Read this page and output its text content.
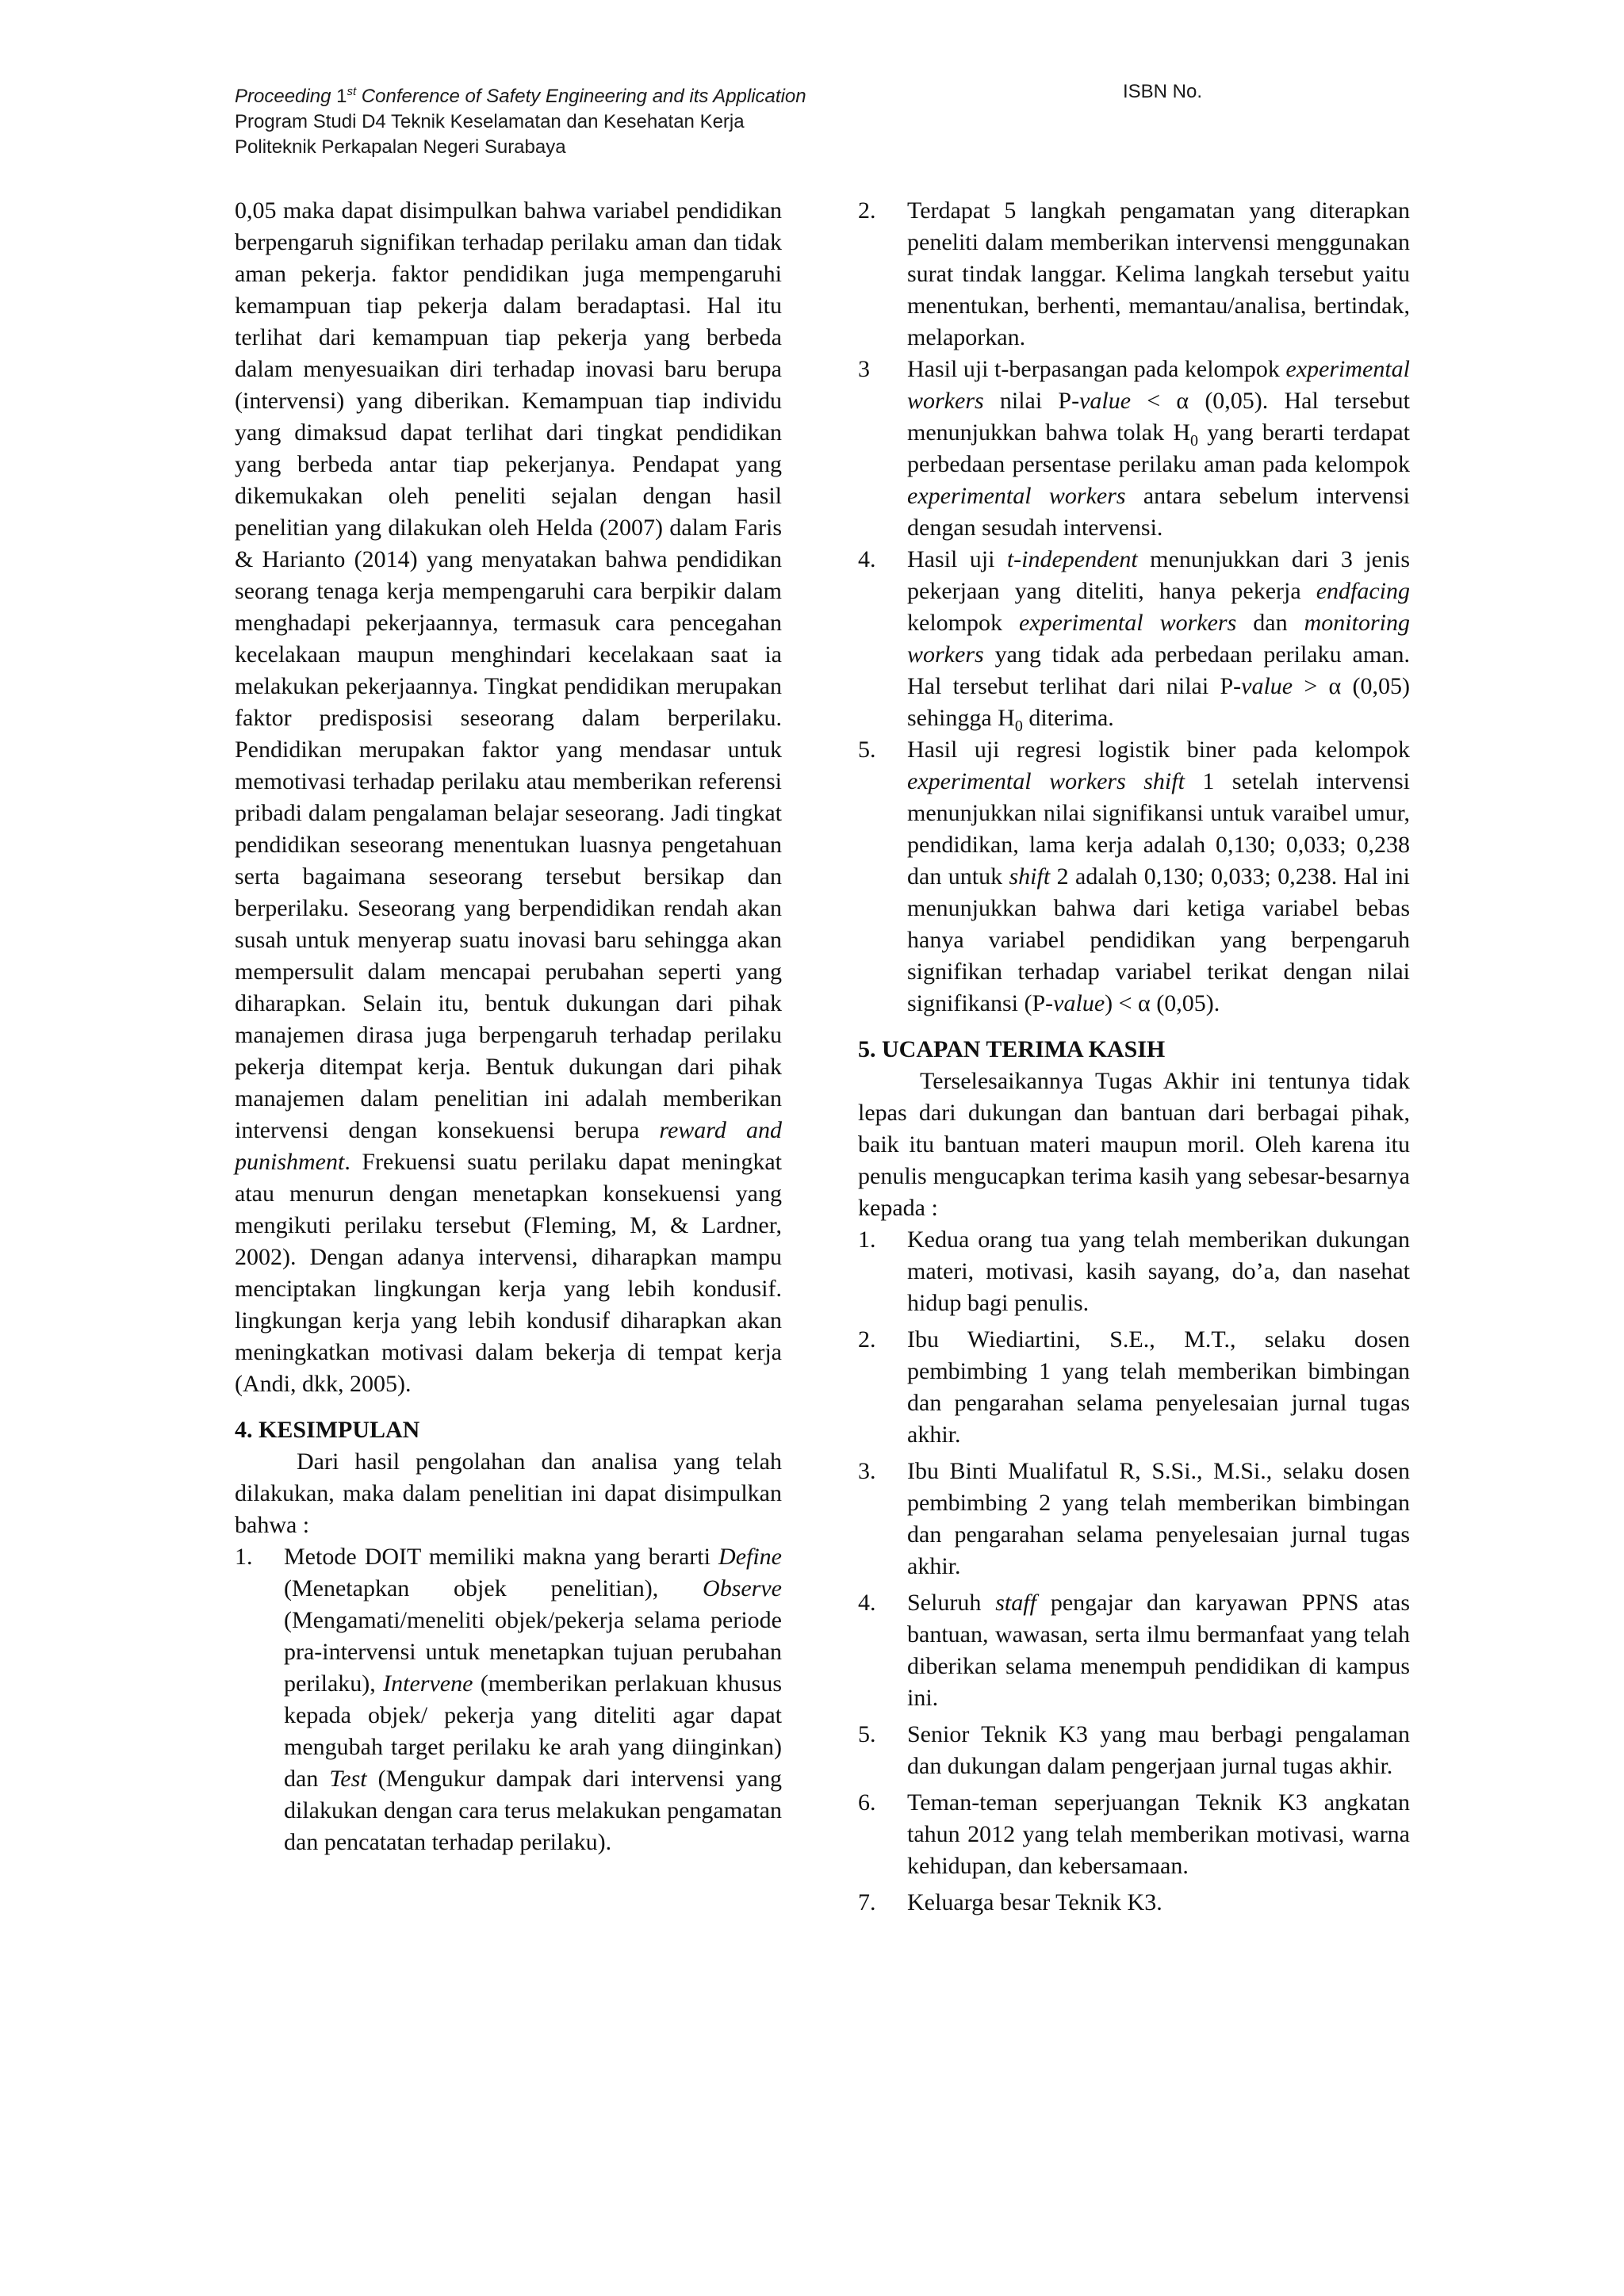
Proceeding 1st Conference of Safety Engineering and its Application	ISBN No.
Program Studi D4 Teknik Keselamatan dan Kesehatan Kerja
Politeknik Perkapalan Negeri Surabaya

0,05 maka dapat disimpulkan bahwa variabel pendidikan berpengaruh signifikan terhadap perilaku aman dan tidak aman pekerja. faktor pendidikan juga mempengaruhi kemampuan tiap pekerja dalam beradaptasi. Hal itu terlihat dari kemampuan tiap pekerja yang berbeda dalam menyesuaikan diri terhadap inovasi baru berupa (intervensi) yang diberikan. Kemampuan tiap individu yang dimaksud dapat terlihat dari tingkat pendidikan yang berbeda antar tiap pekerjanya. Pendapat yang dikemukakan oleh peneliti sejalan dengan hasil penelitian yang dilakukan oleh Helda (2007) dalam Faris & Harianto (2014) yang menyatakan bahwa pendidikan seorang tenaga kerja mempengaruhi cara berpikir dalam menghadapi pekerjaannya, termasuk cara pencegahan kecelakaan maupun menghindari kecelakaan saat ia melakukan pekerjaannya. Tingkat pendidikan merupakan faktor predisposisi seseorang dalam berperilaku. Pendidikan merupakan faktor yang mendasar untuk memotivasi terhadap perilaku atau memberikan referensi pribadi dalam pengalaman belajar seseorang. Jadi tingkat pendidikan seseorang menentukan luasnya pengetahuan serta bagaimana seseorang tersebut bersikap dan berperilaku. Seseorang yang berpendidikan rendah akan susah untuk menyerap suatu inovasi baru sehingga akan mempersulit dalam mencapai perubahan seperti yang diharapkan. Selain itu, bentuk dukungan dari pihak manajemen dirasa juga berpengaruh terhadap perilaku pekerja ditempat kerja. Bentuk dukungan dari pihak manajemen dalam penelitian ini adalah memberikan intervensi dengan konsekuensi berupa reward and punishment. Frekuensi suatu perilaku dapat meningkat atau menurun dengan menetapkan konsekuensi yang mengikuti perilaku tersebut (Fleming, M, & Lardner, 2002). Dengan adanya intervensi, diharapkan mampu menciptakan lingkungan kerja yang lebih kondusif. lingkungan kerja yang lebih kondusif diharapkan akan meningkatkan motivasi dalam bekerja di tempat kerja (Andi, dkk, 2005).

4. KESIMPULAN

Dari hasil pengolahan dan analisa yang telah dilakukan, maka dalam penelitian ini dapat disimpulkan bahwa :

1. Metode DOIT memiliki makna yang berarti Define (Menetapkan objek penelitian), Observe (Mengamati/meneliti objek/pekerja selama periode pra-intervensi untuk menetapkan tujuan perubahan perilaku), Intervene (memberikan perlakuan khusus kepada objek/ pekerja yang diteliti agar dapat mengubah target perilaku ke arah yang diinginkan) dan Test (Mengukur dampak dari intervensi yang dilakukan dengan cara terus melakukan pengamatan dan pencatatan terhadap perilaku).
2. Terdapat 5 langkah pengamatan yang diterapkan peneliti dalam memberikan intervensi menggunakan surat tindak langgar. Kelima langkah tersebut yaitu menentukan, berhenti, memantau/analisa, bertindak, melaporkan.
3 Hasil uji t-berpasangan pada kelompok experimental workers nilai P-value < α (0,05). Hal tersebut menunjukkan bahwa tolak $H_0$ yang berarti terdapat perbedaan persentase perilaku aman pada kelompok experimental workers antara sebelum intervensi dengan sesudah intervensi.
4. Hasil uji t-independent menunjukkan dari 3 jenis pekerjaan yang diteliti, hanya pekerja endfacing kelompok experimental workers dan monitoring workers yang tidak ada perbedaan perilaku aman. Hal tersebut terlihat dari nilai P-value > α (0,05) sehingga $H_0$ diterima.
5. Hasil uji regresi logistik biner pada kelompok experimental workers shift 1 setelah intervensi menunjukkan nilai signifikansi untuk varaibel umur, pendidikan, lama kerja adalah 0,130; 0,033; 0,238 dan untuk shift 2 adalah 0,130; 0,033; 0,238. Hal ini menunjukkan bahwa dari ketiga variabel bebas hanya variabel pendidikan yang berpengaruh signifikan terhadap variabel terikat dengan nilai signifikansi (P-value) < α (0,05).
5. UCAPAN TERIMA KASIH

Terselesaikannya Tugas Akhir ini tentunya tidak lepas dari dukungan dan bantuan dari berbagai pihak, baik itu bantuan materi maupun moril. Oleh karena itu penulis mengucapkan terima kasih yang sebesar-besarnya kepada :

1. Kedua orang tua yang telah memberikan dukungan materi, motivasi, kasih sayang, do’a, dan nasehat hidup bagi penulis.
2. Ibu Wiediartini, S.E., M.T., selaku dosen pembimbing 1 yang telah memberikan bimbingan dan pengarahan selama penyelesaian jurnal tugas akhir.
3. Ibu Binti Mualifatul R, S.Si., M.Si., selaku dosen pembimbing 2 yang telah memberikan bimbingan dan pengarahan selama penyelesaian jurnal tugas akhir.
4. Seluruh staff pengajar dan karyawan PPNS atas bantuan, wawasan, serta ilmu bermanfaat yang telah diberikan selama menempuh pendidikan di kampus ini.
5. Senior Teknik K3 yang mau berbagi pengalaman dan dukungan dalam pengerjaan jurnal tugas akhir.
6. Teman-teman seperjuangan Teknik K3 angkatan tahun 2012 yang telah memberikan motivasi, warna kehidupan, dan kebersamaan.
7. Keluarga besar Teknik K3.
